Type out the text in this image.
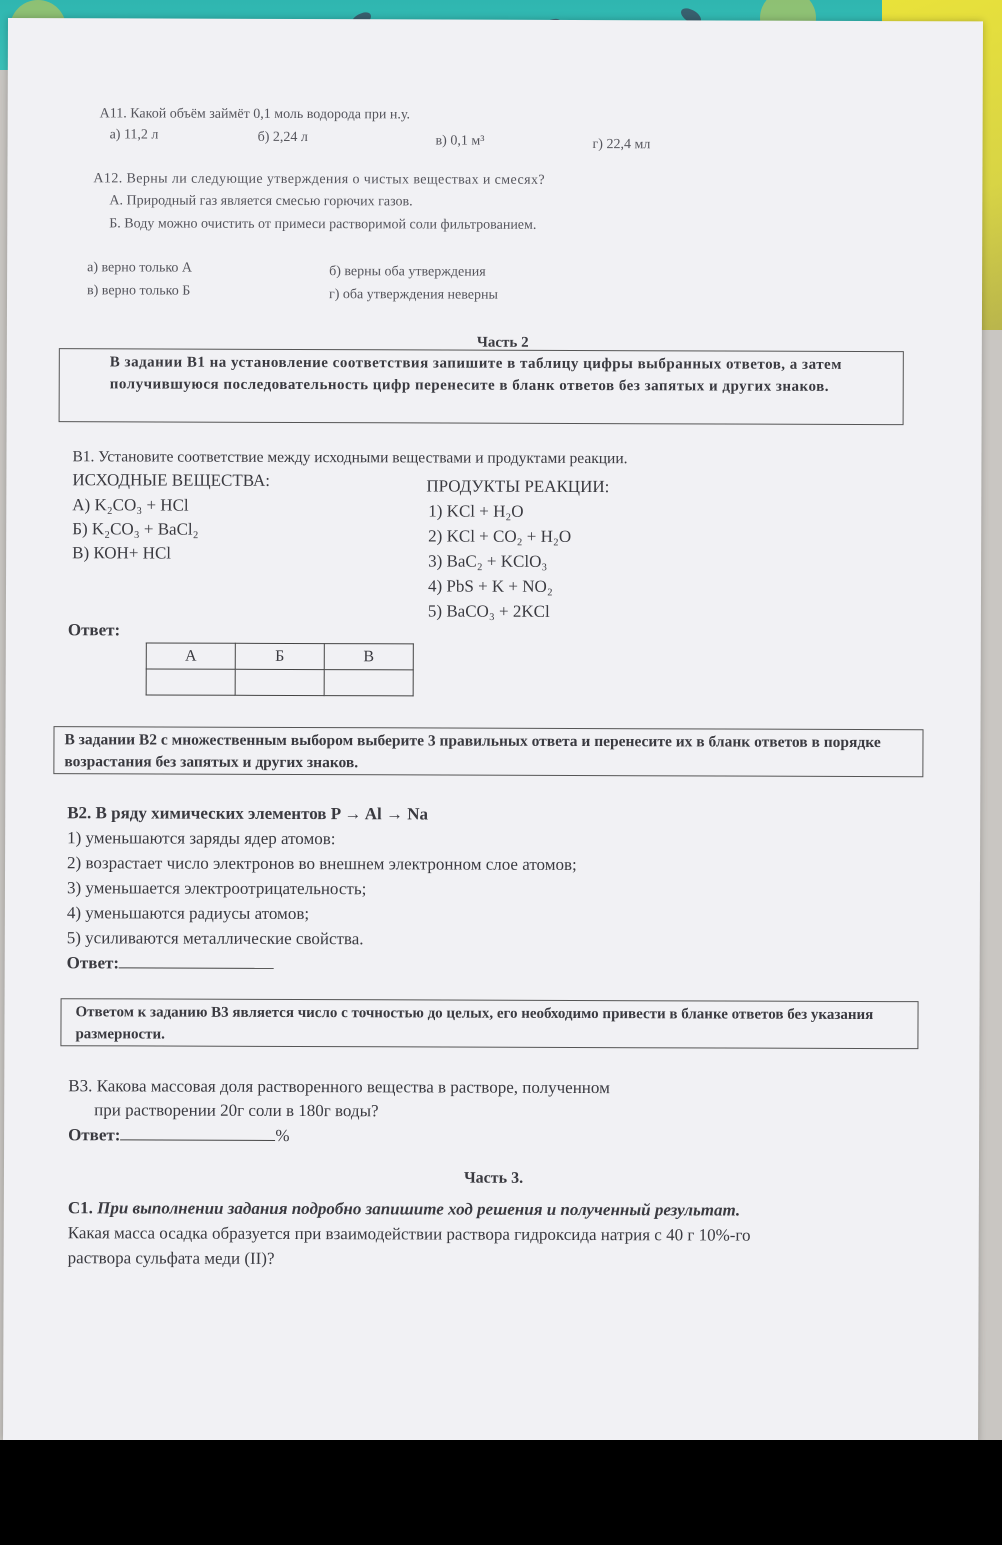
А11. Какой объём займёт 0,1 моль водорода при н.у.
а) 11,2 л	б) 2,24 л	в) 0,1 м³	г) 22,4 мл
А12. Верны ли следующие утверждения о чистых веществах и смесях?
А. Природный газ является смесью горючих газов.
Б. Воду можно очистить от примеси растворимой соли фильтрованием.
а) верно только А	б) верны оба утверждения
в) верно только Б	г) оба утверждения неверны
Часть 2
В задании В1 на установление соответствия запишите в таблицу цифры выбранных ответов, а затем получившуюся последовательность цифр перенесите в бланк ответов без запятых и других знаков.
В1. Установите соответствие между исходными веществами и продуктами реакции.
ИСХОДНЫЕ ВЕЩЕСТВА:	ПРОДУКТЫ РЕАКЦИИ:
А) K₂CO₃ + HCl
Б) K₂CO₃ + BaCl₂
В) КОН+ HCl
1) KCl + H₂O
2) KCl + CO₂ + H₂O
3) BaC₂ + KClO₃
4) PbS + K + NO₂
5) BaCO₃ + 2KCl
Ответ:
А	Б	В

В задании В2 с множественным выбором выберите 3 правильных ответа и перенесите их в бланк ответов в порядке возрастания без запятых и других знаков.
В2. В ряду химических элементов P → Al → Na
1) уменьшаются заряды ядер атомов:
2) возрастает число электронов во внешнем электронном слое атомов;
3) уменьшается электроотрицательность;
4) уменьшаются радиусы атомов;
5) усиливаются металлические свойства.
Ответ:
Ответом к заданию В3 является число с точностью до целых, его необходимо привести в бланке ответов без указания размерности.
В3. Какова массовая доля растворенного вещества в растворе, полученном
при растворении 20г соли в 180г воды?
Ответ:	%
Часть 3.
С1. При выполнении задания подробно запишите ход решения и полученный результат.
Какая масса осадка образуется при взаимодействии раствора гидроксида натрия с 40 г 10%-го
раствора сульфата меди (II)?
